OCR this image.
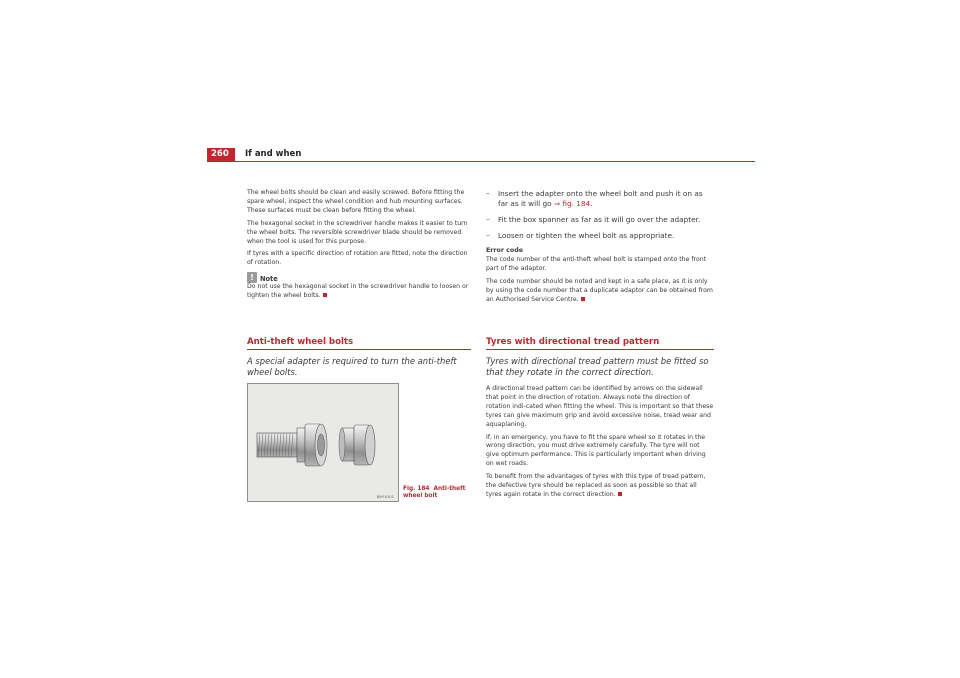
260	If and when

The wheel bolts should be clean and easily screwed. Before fitting the spare wheel, inspect the wheel condition and hub mounting surfaces. These surfaces must be clean before fitting the wheel.

The hexagonal socket in the screwdriver handle makes it easier to turn the wheel bolts. The reversible screwdriver blade should be removed when the tool is used for this purpose.

If tyres with a specific direction of rotation are fitted, note the direction of rotation.

!
Note

Do not use the hexagonal socket in the screwdriver handle to loosen or tighten the wheel bolts.

Anti-theft wheel bolts
A special adapter is required to turn the anti-theft wheel bolts.
B5P-0101
Fig. 184 Anti-theft wheel bolt
– Insert the adapter onto the wheel bolt and push it on as far as it will go ⇒ fig. 184.
– Fit the box spanner as far as it will go over the adapter.
– Loosen or tighten the wheel bolt as appropriate.
Error code

The code number of the anti-theft wheel bolt is stamped onto the front part of the adaptor.

The code number should be noted and kept in a safe place, as it is only by using the code number that a duplicate adaptor can be obtained from an Authorised Service Centre.

Tyres with directional tread pattern
Tyres with directional tread pattern must be fitted so that they rotate in the correct direction.

A directional tread pattern can be identified by arrows on the sidewall that point in the direction of rotation. Always note the direction of rotation indi-cated when fitting the wheel. This is important so that these tyres can give maximum grip and avoid excessive noise, tread wear and aquaplaning.

If, in an emergency, you have to fit the spare wheel so it rotates in the wrong direction, you must drive extremely carefully. The tyre will not give optimum performance. This is particularly important when driving on wet roads.

To benefit from the advantages of tyres with this type of tread pattern, the defective tyre should be replaced as soon as possible so that all tyres again rotate in the correct direction.
